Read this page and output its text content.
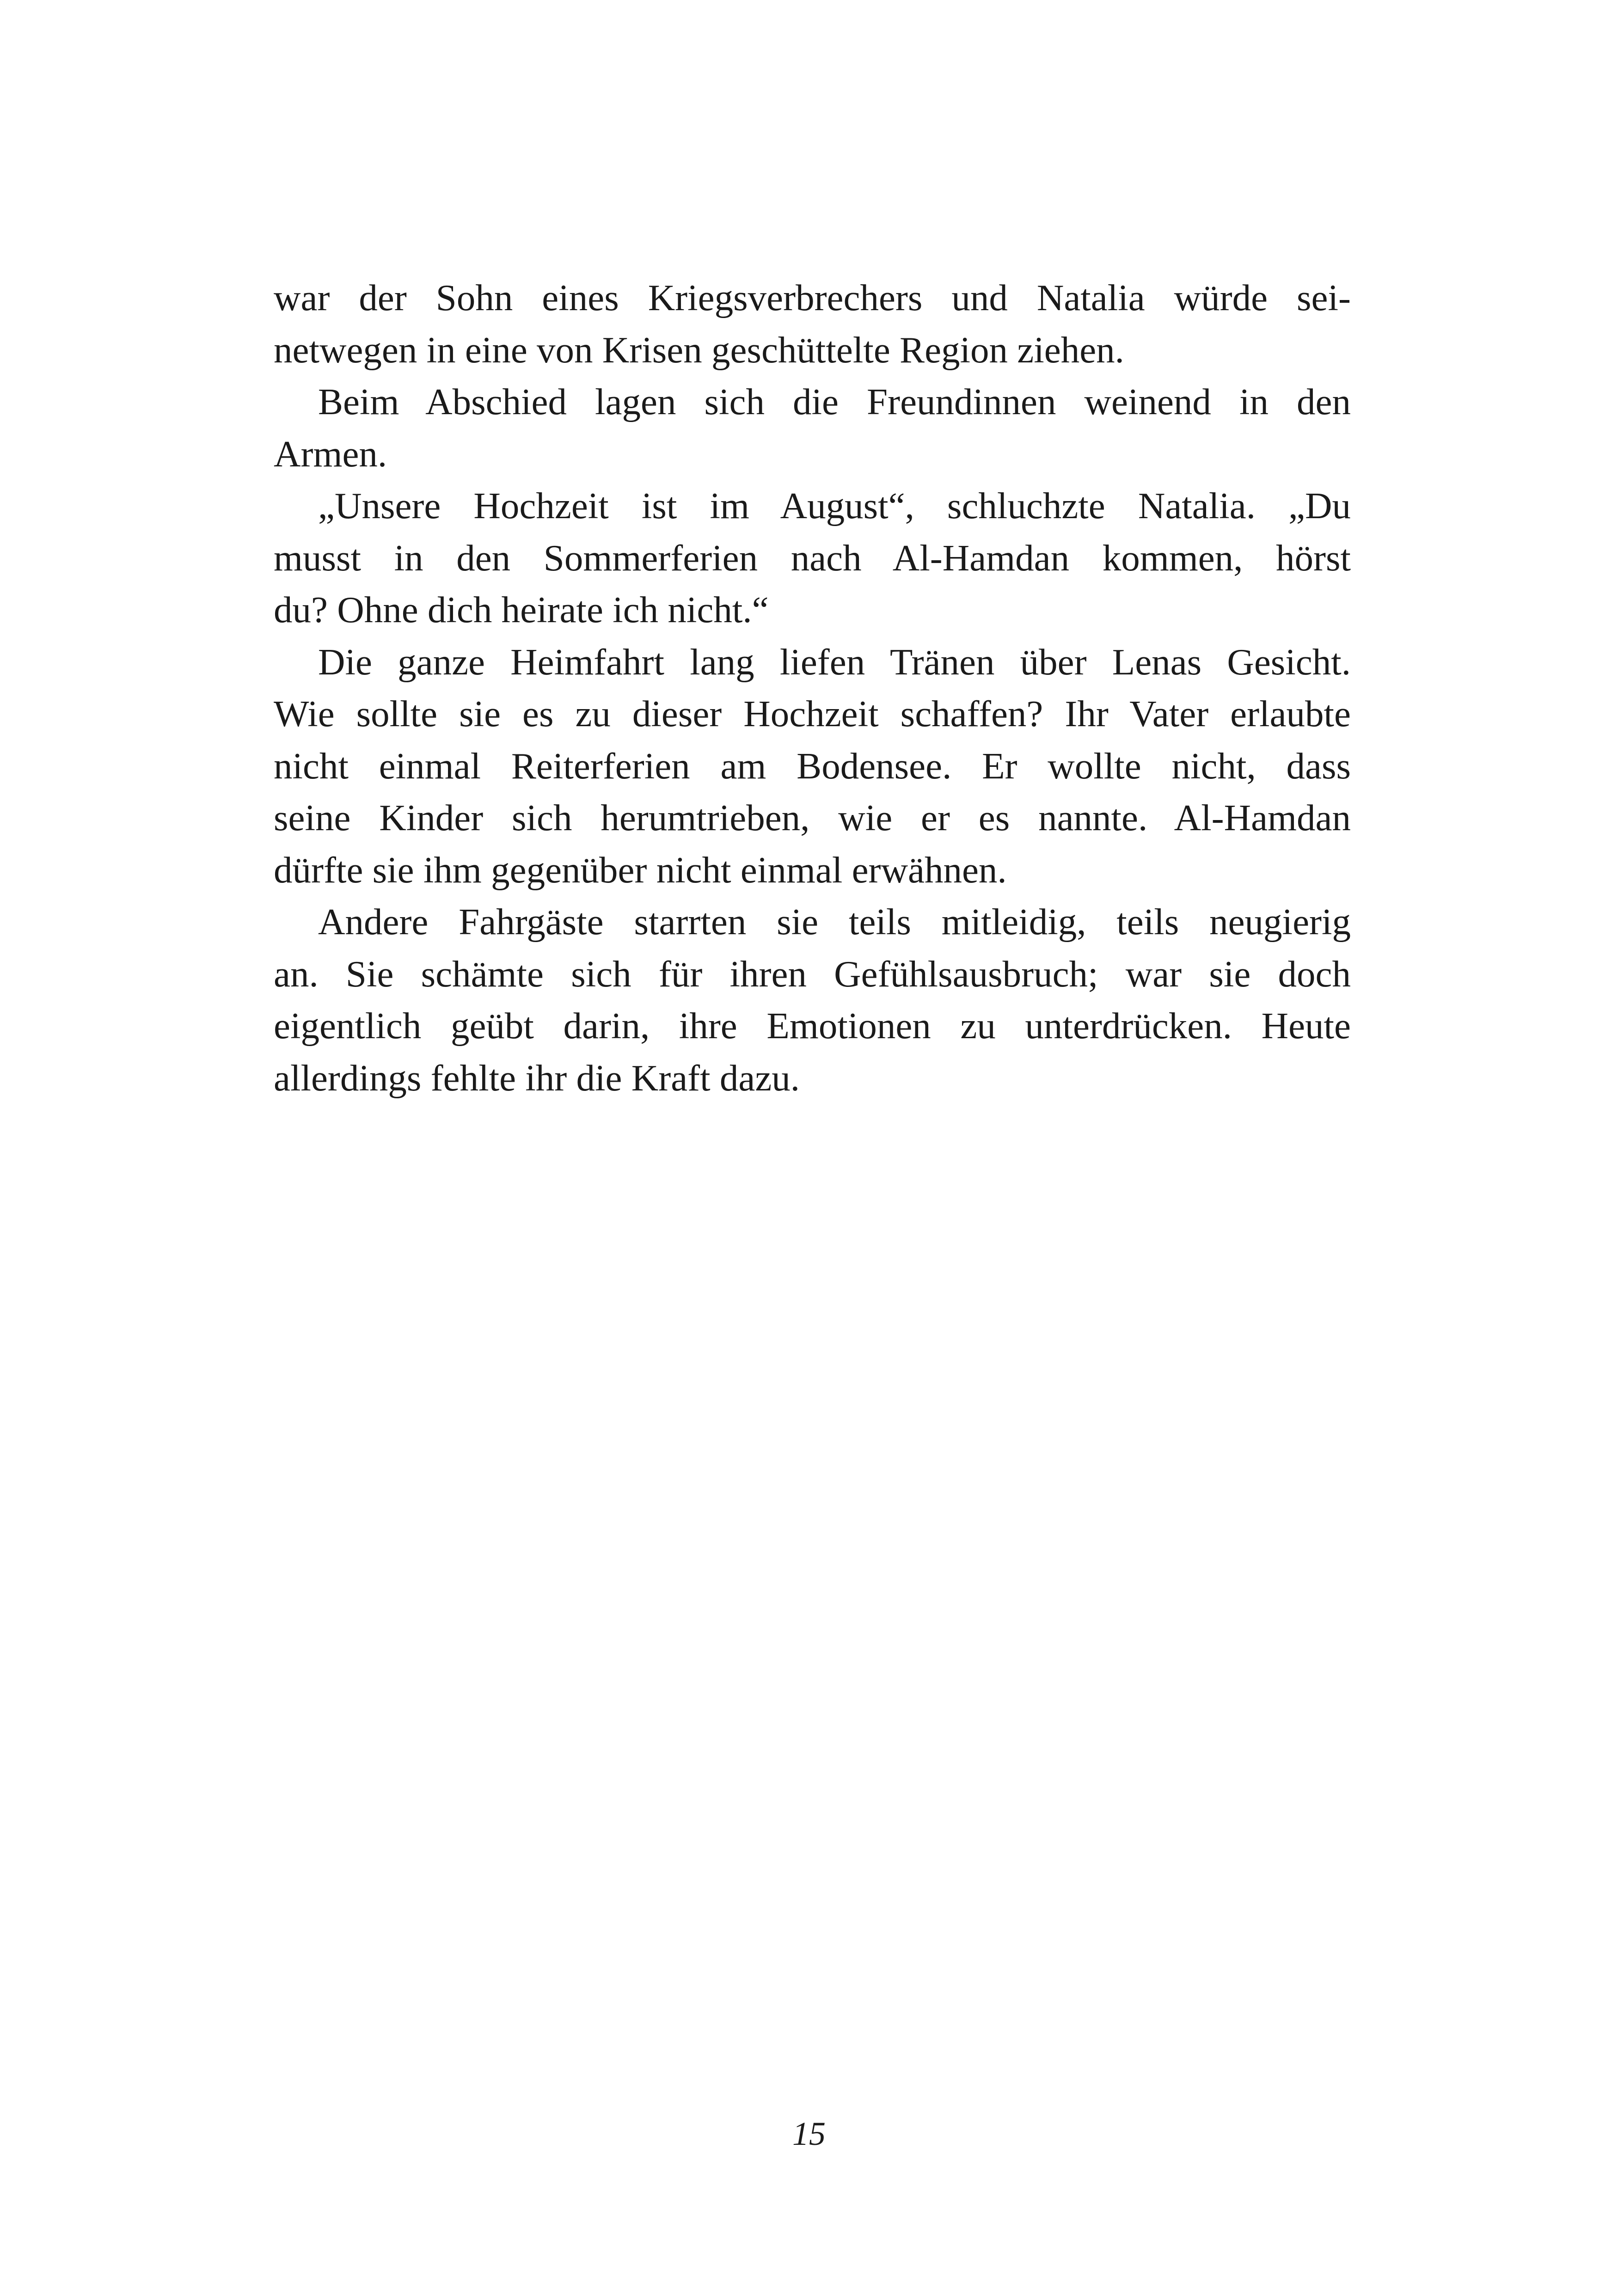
war der Sohn eines Kriegsverbrechers und Natalia würde sei-
netwegen in eine von Krisen geschüttelte Region ziehen.
Beim Abschied lagen sich die Freundinnen weinend in den
Armen.
„Unsere Hochzeit ist im August“, schluchzte Natalia. „Du
musst in den Sommerferien nach Al-Hamdan kommen, hörst
du? Ohne dich heirate ich nicht.“
Die ganze Heimfahrt lang liefen Tränen über Lenas Gesicht.
Wie sollte sie es zu dieser Hochzeit schaffen? Ihr Vater erlaubte
nicht einmal Reiterferien am Bodensee. Er wollte nicht, dass
seine Kinder sich herumtrieben, wie er es nannte. Al-Hamdan
dürfte sie ihm gegenüber nicht einmal erwähnen.
Andere Fahrgäste starrten sie teils mitleidig, teils neugierig
an. Sie schämte sich für ihren Gefühlsausbruch; war sie doch
eigentlich geübt darin, ihre Emotionen zu unterdrücken. Heute
allerdings fehlte ihr die Kraft dazu.
15
